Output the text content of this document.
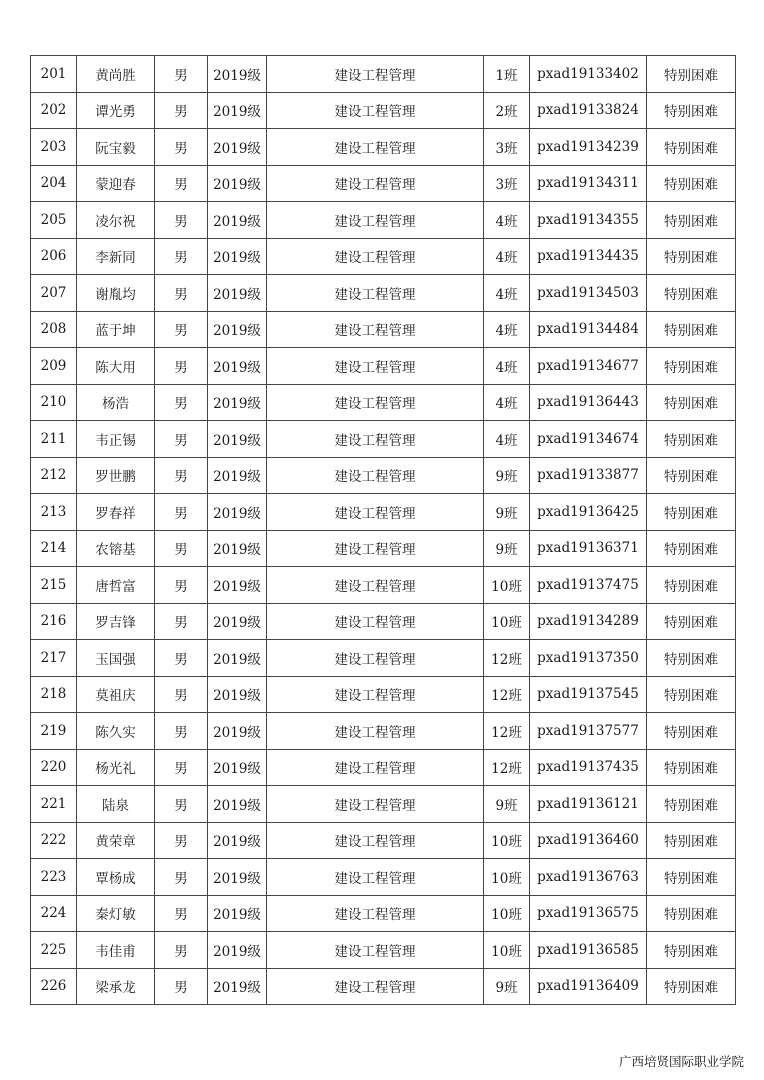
201	黄尚胜	男	2019级	建设工程管理	1班	pxad19133402	特别困难
202	谭光勇	男	2019级	建设工程管理	2班	pxad19133824	特别困难
203	阮宝毅	男	2019级	建设工程管理	3班	pxad19134239	特别困难
204	蒙迎春	男	2019级	建设工程管理	3班	pxad19134311	特别困难
205	凌尔祝	男	2019级	建设工程管理	4班	pxad19134355	特别困难
206	李新同	男	2019级	建设工程管理	4班	pxad19134435	特别困难
207	谢胤均	男	2019级	建设工程管理	4班	pxad19134503	特别困难
208	蓝于坤	男	2019级	建设工程管理	4班	pxad19134484	特别困难
209	陈大用	男	2019级	建设工程管理	4班	pxad19134677	特别困难
210	杨浩	男	2019级	建设工程管理	4班	pxad19136443	特别困难
211	韦正锡	男	2019级	建设工程管理	4班	pxad19134674	特别困难
212	罗世鹏	男	2019级	建设工程管理	9班	pxad19133877	特别困难
213	罗春祥	男	2019级	建设工程管理	9班	pxad19136425	特别困难
214	农镕基	男	2019级	建设工程管理	9班	pxad19136371	特别困难
215	唐哲富	男	2019级	建设工程管理	10班	pxad19137475	特别困难
216	罗吉锋	男	2019级	建设工程管理	10班	pxad19134289	特别困难
217	玉国强	男	2019级	建设工程管理	12班	pxad19137350	特别困难
218	莫祖庆	男	2019级	建设工程管理	12班	pxad19137545	特别困难
219	陈久实	男	2019级	建设工程管理	12班	pxad19137577	特别困难
220	杨光礼	男	2019级	建设工程管理	12班	pxad19137435	特别困难
221	陆泉	男	2019级	建设工程管理	9班	pxad19136121	特别困难
222	黄荣章	男	2019级	建设工程管理	10班	pxad19136460	特别困难
223	覃杨成	男	2019级	建设工程管理	10班	pxad19136763	特别困难
224	秦灯敏	男	2019级	建设工程管理	10班	pxad19136575	特别困难
225	韦佳甫	男	2019级	建设工程管理	10班	pxad19136585	特别困难
226	梁承龙	男	2019级	建设工程管理	9班	pxad19136409	特别困难
广西培贤国际职业学院
